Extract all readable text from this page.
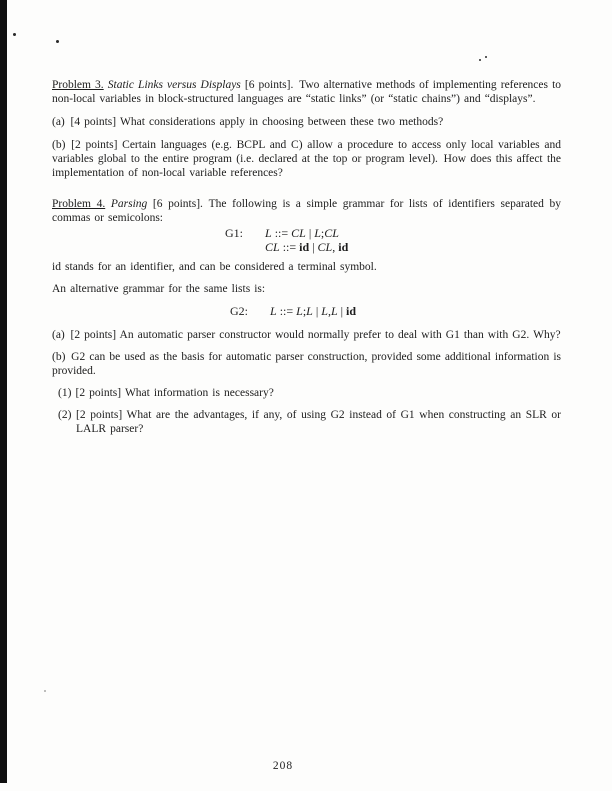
Problem 3. Static Links versus Displays [6 points]. Two alternative methods of implementing references to non-local variables in block-structured languages are “static links” (or “static chains”) and “displays”.

(a) [4 points] What considerations apply in choosing between these two methods?

(b) [2 points] Certain languages (e.g. BCPL and C) allow a procedure to access only local variables and variables global to the entire program (i.e. declared at the top or program level). How does this affect the implementation of non-local variable references?

Problem 4. Parsing [6 points]. The following is a simple grammar for lists of identifiers separated by commas or semicolons:

G1: L ::= CL | L;CL
CL ::= id | CL, id

id stands for an identifier, and can be considered a terminal symbol.

An alternative grammar for the same lists is:

G2: L ::= L;L | L,L | id

(a) [2 points] An automatic parser constructor would normally prefer to deal with G1 than with G2. Why?

(b) G2 can be used as the basis for automatic parser construction, provided some additional information is provided.

(1) [2 points] What information is necessary?

(2) [2 points] What are the advantages, if any, of using G2 instead of G1 when constructing an SLR or LALR parser?

208
